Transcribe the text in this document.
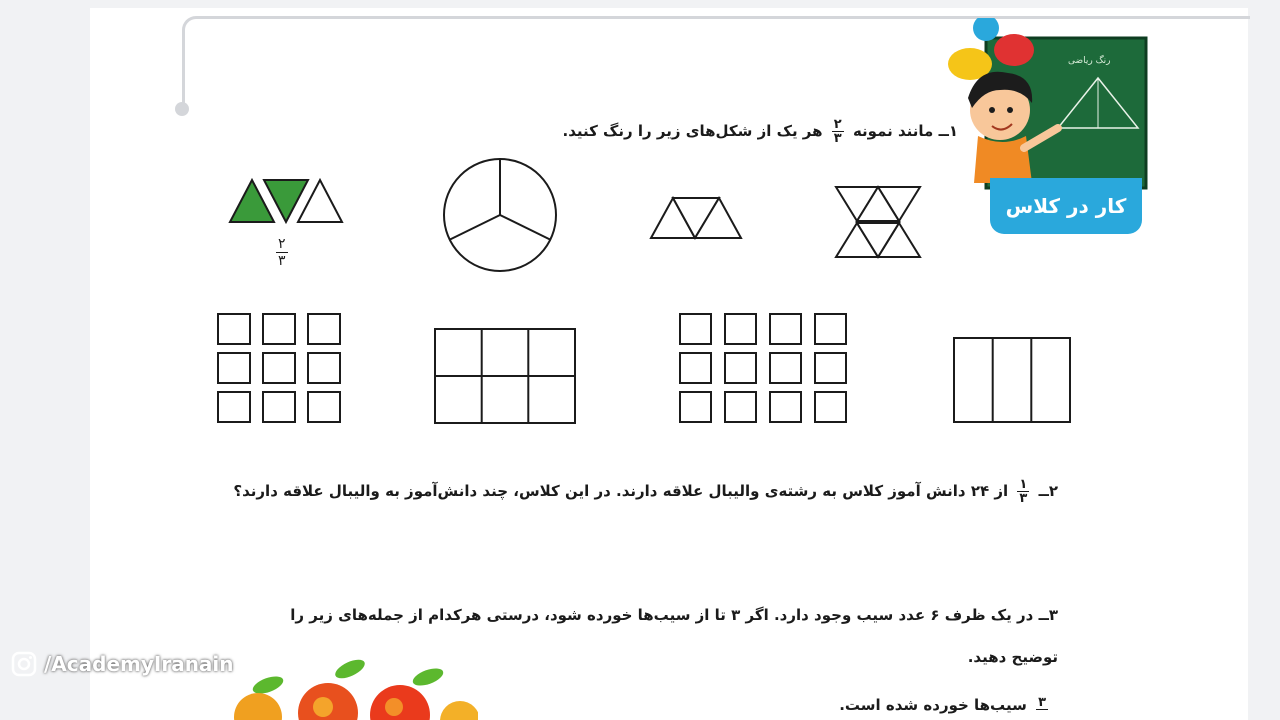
رنگ ریاضی
کار در کلاس
۱ــ مانند نمونه
$\frac{۲}{۳}$
هر یک از شکل‌های زیر را رنگ کنید.
۲
۳
۲ــ
$\frac{۱}{۳}$
از ۲۴ دانش آموز کلاس به رشته‌ی والیبال علاقه دارند. در این کلاس، چند دانش‌آموز به والیبال علاقه دارند؟
۳ــ در یک ظرف ۶ عدد سیب وجود دارد. اگر ۳ تا از سیب‌ها خورده شود، درستی هرکدام از جمله‌های زیر را
توضیح دهید.
۳
سیب‌ها خورده شده است.
/AcademyIranain
